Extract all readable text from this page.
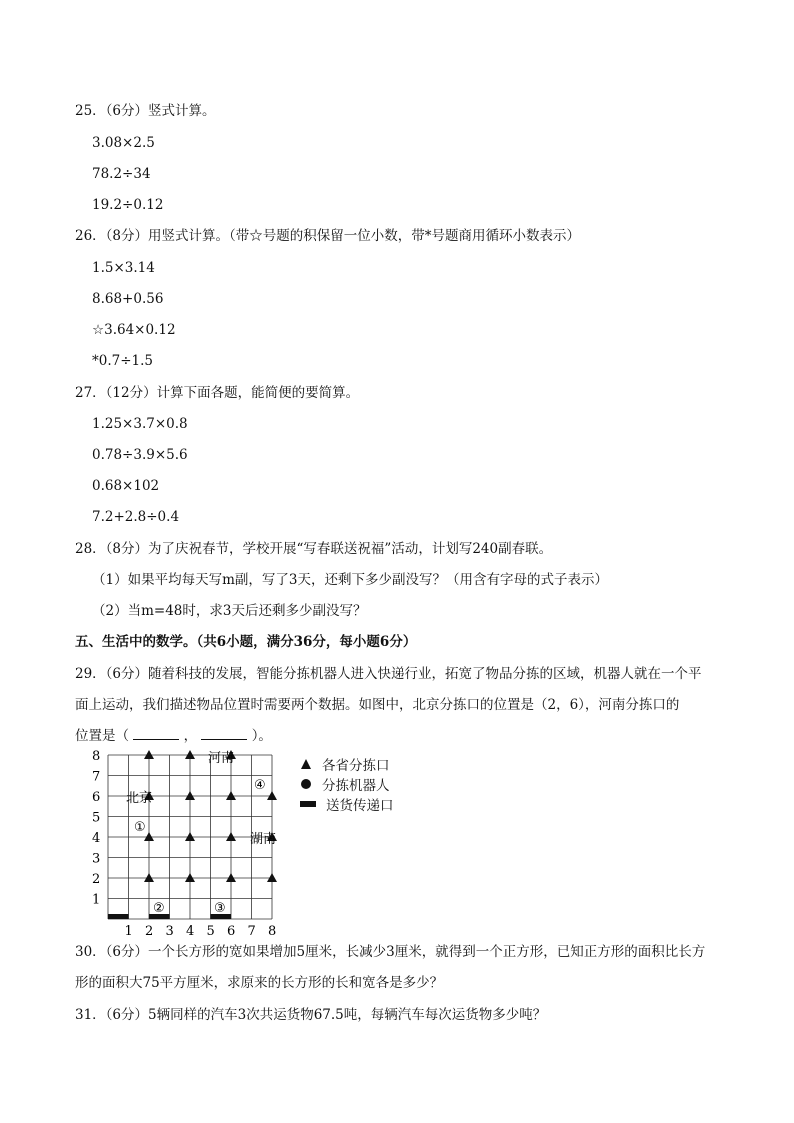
25．（6分）竖式计算。
3.08×2.5
78.2÷34
19.2÷0.12
26．（8分）用竖式计算。（带☆号题的积保留一位小数，带*号题商用循环小数表示）
1.5×3.14
8.68+0.56
☆3.64×0.12
*0.7÷1.5
27．（12分）计算下面各题，能简便的要简算。
1.25×3.7×0.8
0.78÷3.9×5.6
0.68×102
7.2+2.8÷0.4
28．（8分）为了庆祝春节，学校开展“写春联送祝福”活动，计划写240副春联。
（1）如果平均每天写m副，写了3天，还剩下多少副没写？（用含有字母的式子表示）
（2）当m=48时，求3天后还剩多少副没写？
五、生活中的数学。（共6小题，满分36分，每小题6分）
29．（6分）随着科技的发展，智能分拣机器人进入快递行业，拓宽了物品分拣的区域，机器人就在一个平
面上运动，我们描述物品位置时需要两个数据。如图中，北京分拣口的位置是（2，6），河南分拣口的
位置是（	，	）。
1 2 3 4 5 6 7 8
1
2
3
4
5
6
7
8	河南
北京
湖南
①
②	③
④
各省分拣口
分拣机器人
送货传递口
30．（6分）一个长方形的宽如果增加5厘米，长减少3厘米，就得到一个正方形，已知正方形的面积比长方
形的面积大75平方厘米，求原来的长方形的长和宽各是多少？
31．（6分）5辆同样的汽车3次共运货物67.5吨，每辆汽车每次运货物多少吨？
